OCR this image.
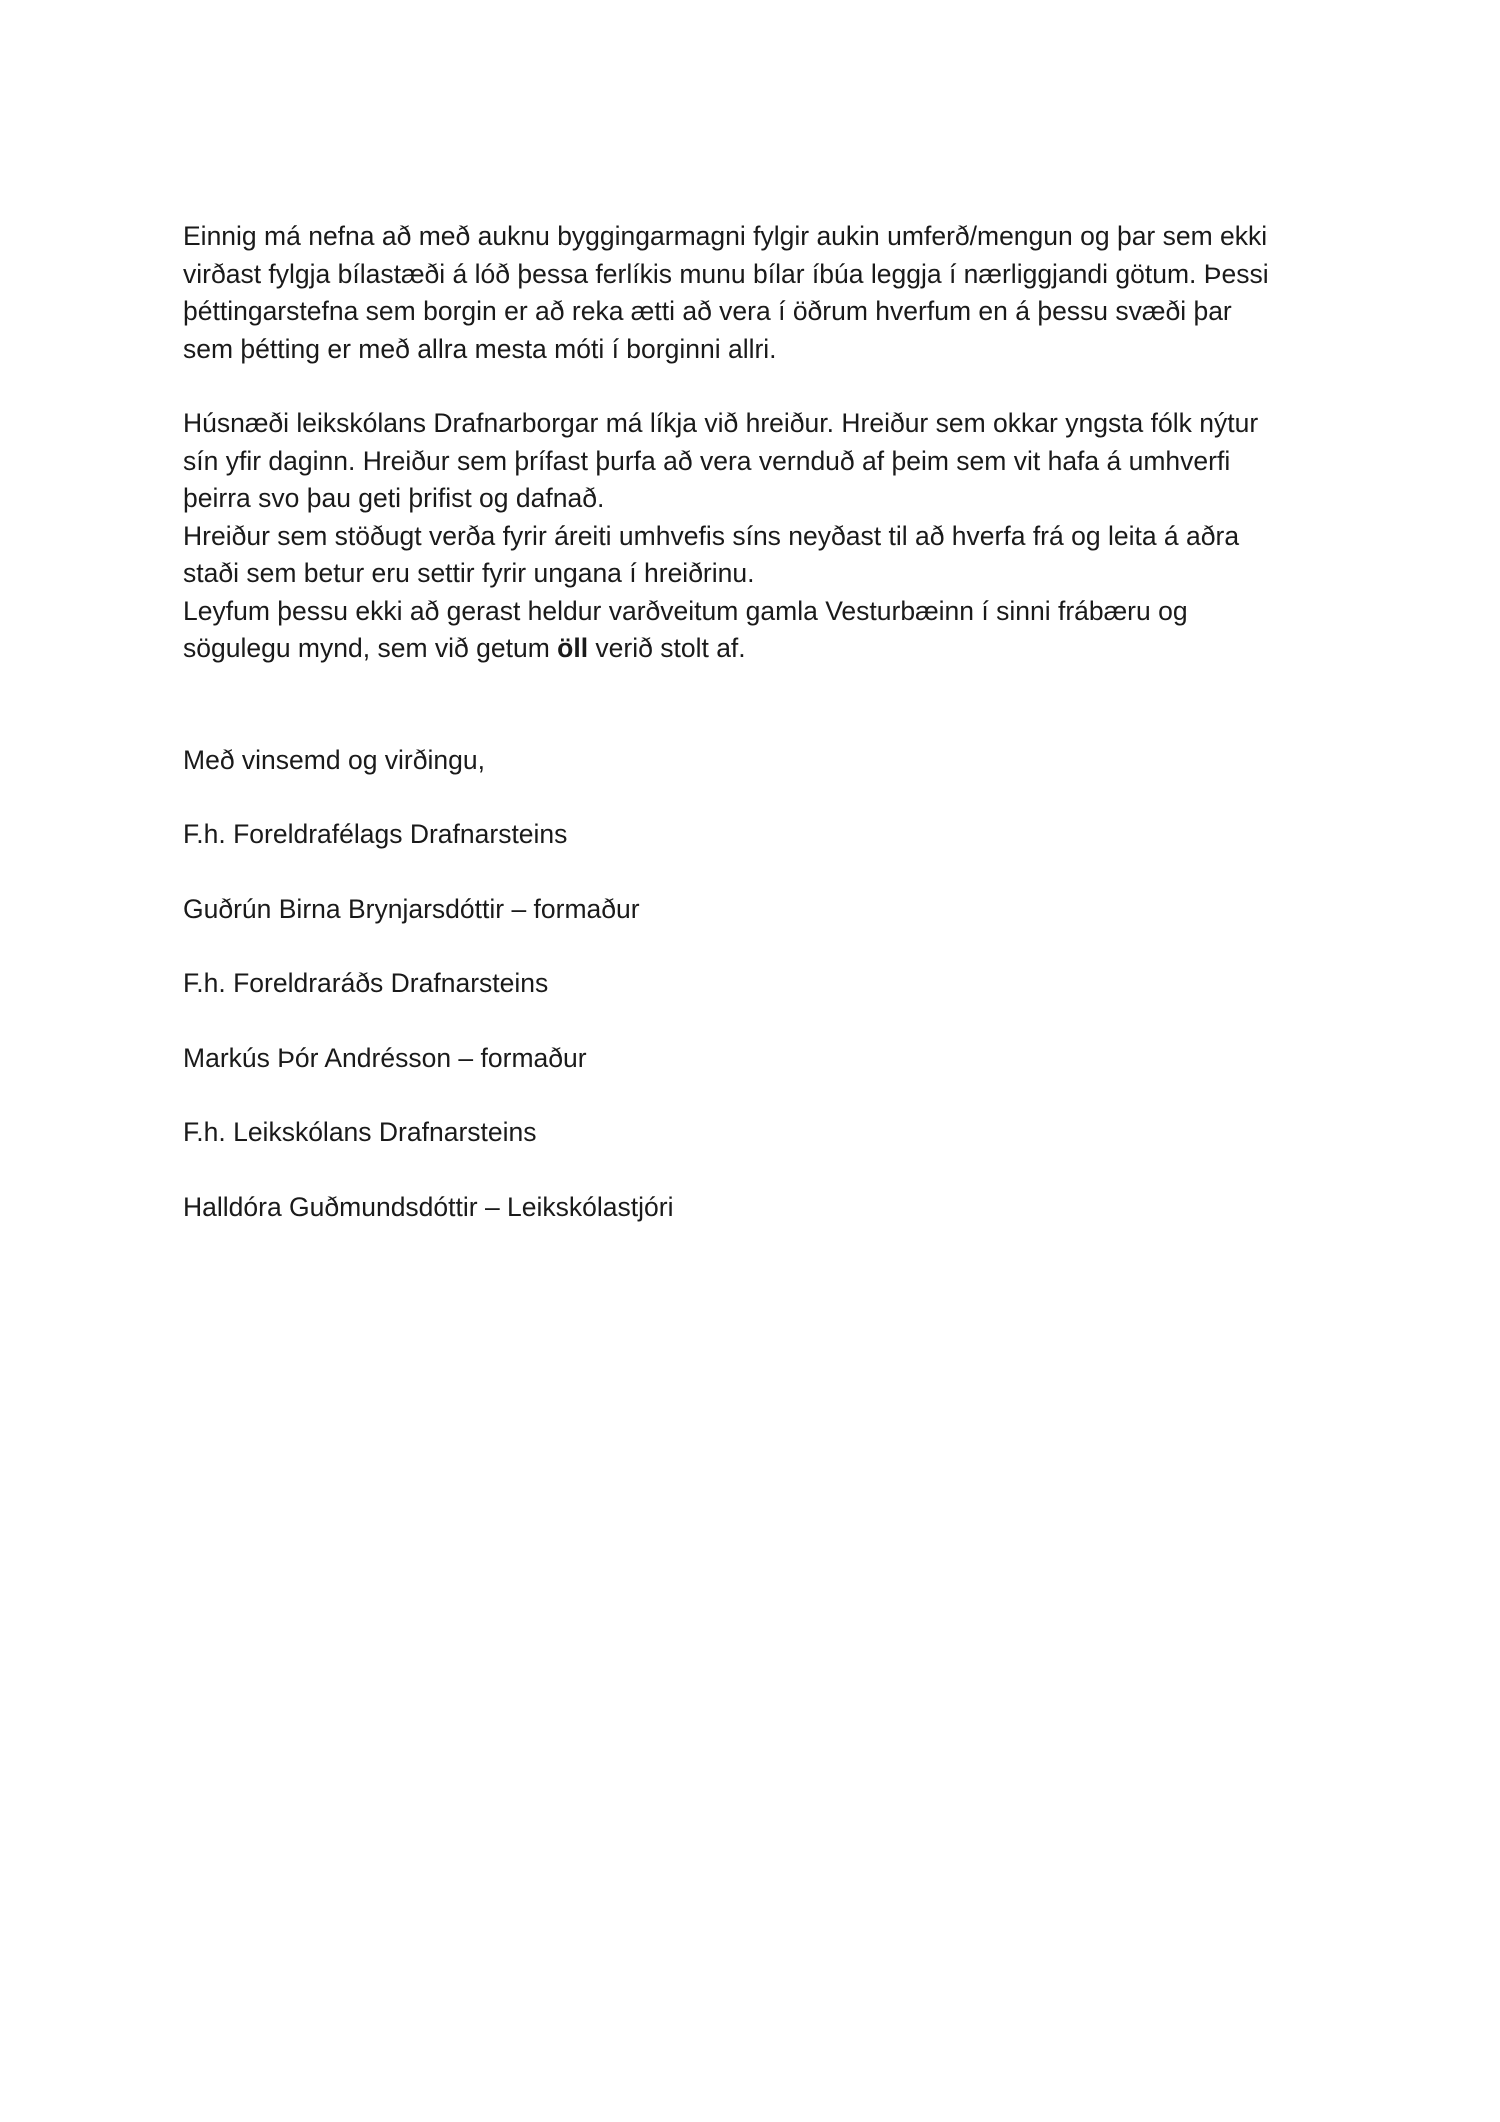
Einnig má nefna að með auknu byggingarmagni fylgir aukin umferð/mengun og þar sem ekki
virðast fylgja bílastæði á lóð þessa ferlíkis munu bílar íbúa leggja í nærliggjandi götum. Þessi
þéttingarstefna sem borgin er að reka ætti að vera í öðrum hverfum en á þessu svæði þar
sem þétting er með allra mesta móti í borginni allri.

Húsnæði leikskólans Drafnarborgar má líkja við hreiður. Hreiður sem okkar yngsta fólk nýtur
sín yfir daginn. Hreiður sem þrífast þurfa að vera vernduð af þeim sem vit hafa á umhverfi
þeirra svo þau geti þrifist og dafnað.
Hreiður sem stöðugt verða fyrir áreiti umhvefis síns neyðast til að hverfa frá og leita á aðra
staði sem betur eru settir fyrir ungana í hreiðrinu.
Leyfum þessu ekki að gerast heldur varðveitum gamla Vesturbæinn í sinni frábæru og
sögulegu mynd, sem við getum öll verið stolt af.

Með vinsemd og virðingu,
F.h. Foreldrafélags Drafnarsteins
Guðrún Birna Brynjarsdóttir – formaður
F.h. Foreldraráðs Drafnarsteins
Markús Þór Andrésson – formaður
F.h. Leikskólans Drafnarsteins
Halldóra Guðmundsdóttir – Leikskólastjóri
